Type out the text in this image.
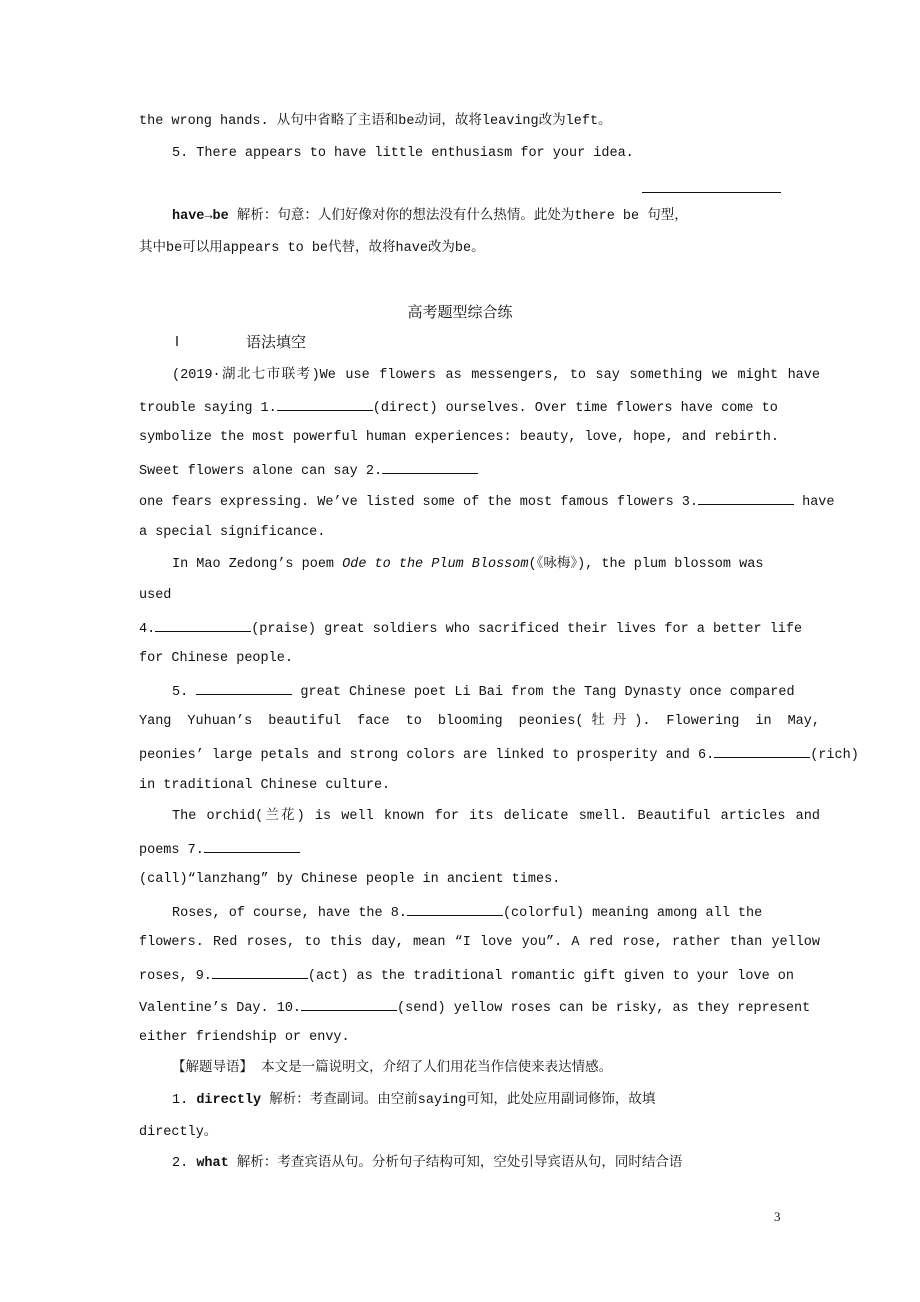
the wrong hands. 从句中省略了主语和be动词，故将leaving改为left。
5. There appears to have little enthusiasm for your idea.
have→be 解析：句意：人们好像对你的想法没有什么热情。此处为there be 句型，
其中be可以用appears to be代替，故将have改为be。
高考题型综合练
Ⅰ	语法填空
(2019·湖北七市联考)We use flowers as messengers, to say something we might have
trouble saying 1.	(direct) ourselves. Over time flowers have come to
symbolize the most powerful human experiences: beauty, love, hope, and rebirth.
Sweet flowers alone can say 2.
one fears expressing. We’ve listed some of the most famous flowers 3.	have
a special significance.
In Mao Zedong’s poem Ode to the Plum Blossom(《咏梅》), the plum blossom was
used
4.	(praise) great soldiers who sacrificed their lives for a better life
for Chinese people.
5.	great Chinese poet Li Bai from the Tang Dynasty once compared
Yang Yuhuan’s beautiful face to blooming peonies(牡丹). Flowering in May,
peonies’ large petals and strong colors are linked to prosperity and 6.	(rich)
in traditional Chinese culture.
The orchid(兰花) is well known for its delicate smell. Beautiful articles and
poems 7.
(call)“lanzhang” by Chinese people in ancient times.
Roses, of course, have the 8.	(colorful) meaning among all the
flowers. Red roses, to this day, mean “I love you”. A red rose, rather than yellow
roses, 9.	(act) as the traditional romantic gift given to your love on
Valentine’s Day. 10.	(send) yellow roses can be risky, as they represent
either friendship or envy.
【解题导语】 本文是一篇说明文，介绍了人们用花当作信使来表达情感。
1. directly 解析：考查副词。由空前saying可知，此处应用副词修饰，故填
directly。
2. what 解析：考查宾语从句。分析句子结构可知，空处引导宾语从句，同时结合语
3
